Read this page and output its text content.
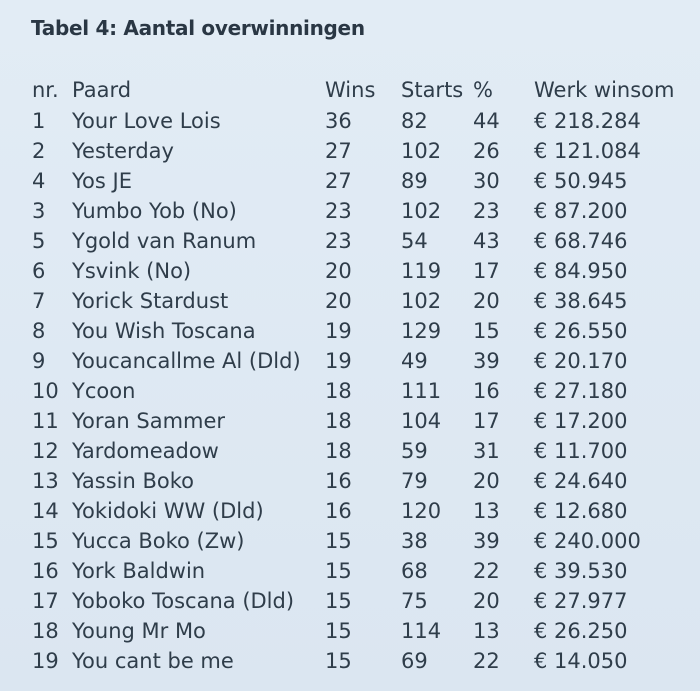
Tabel 4: Aantal overwinningen
nr.	Paard	Wins	Starts	%	Werk winsom
1	Your Love Lois	36	82	44	€ 218.284
2	Yesterday	27	102	26	€ 121.084
4	Yos JE	27	89	30	€ 50.945
3	Yumbo Yob (No)	23	102	23	€ 87.200
5	Ygold van Ranum	23	54	43	€ 68.746
6	Ysvink (No)	20	119	17	€ 84.950
7	Yorick Stardust	20	102	20	€ 38.645
8	You Wish Toscana	19	129	15	€ 26.550
9	Youcancallme Al (Dld)	19	49	39	€ 20.170
10	Ycoon	18	111	16	€ 27.180
11	Yoran Sammer	18	104	17	€ 17.200
12	Yardomeadow	18	59	31	€ 11.700
13	Yassin Boko	16	79	20	€ 24.640
14	Yokidoki WW (Dld)	16	120	13	€ 12.680
15	Yucca Boko (Zw)	15	38	39	€ 240.000
16	York Baldwin	15	68	22	€ 39.530
17	Yoboko Toscana (Dld)	15	75	20	€ 27.977
18	Young Mr Mo	15	114	13	€ 26.250
19	You cant be me	15	69	22	€ 14.050
